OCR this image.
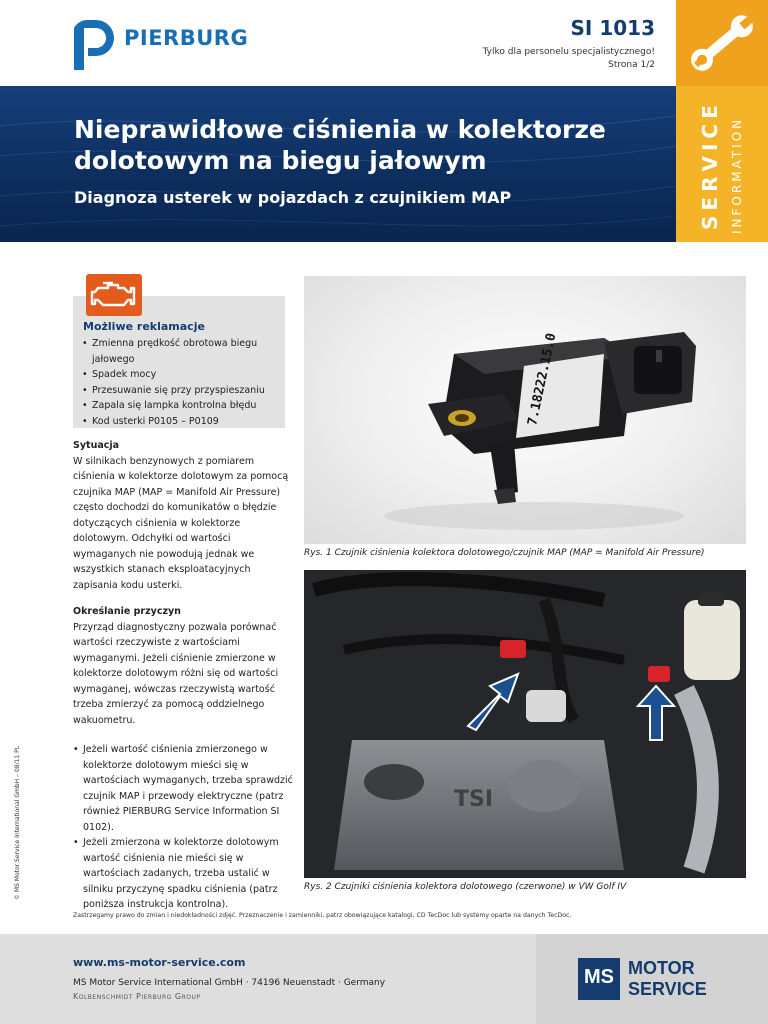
PIERBURG	SI 1013
Tylko dla personelu specjalistycznego!
Strona 1/2
Nieprawidłowe ciśnienia w kolektorze dolotowym na biegu jałowym
Diagnoza usterek w pojazdach z czujnikiem MAP	SERVICE INFORMATION
Możliwe reklamacje
• Zmienna prędkość obrotowa biegu jałowego
• Spadek mocy
• Przesuwanie się przy przyspieszaniu
• Zapala się lampka kontrolna błędu
• Kod usterki P0105 – P0109
Sytuacja
W silnikach benzynowych z pomiarem ciśnienia w kolektorze dolotowym za pomocą czujnika MAP (MAP = Manifold Air Pressure) często dochodzi do komunikatów o błędzie dotyczących ciśnienia w kolektorze dolotowym. Odchyłki od wartości wymaganych nie powodują jednak we wszystkich stanach eksploatacyjnych zapisania kodu usterki.
Określanie przyczyn
Przyrząd diagnostyczny pozwala porównać wartości rzeczywiste z wartościami wymaganymi. Jeżeli ciśnienie zmierzone w kolektorze dolotowym różni się od wartości wymaganej, wówczas rzeczywistą wartość trzeba zmierzyć za pomocą oddzielnego wakuometru.
• Jeżeli wartość ciśnienia zmierzonego w kolektorze dolotowym mieści się w wartościach wymaganych, trzeba sprawdzić czujnik MAP i przewody elektryczne (patrz również PIERBURG Service Information SI 0102).
• Jeżeli zmierzona w kolektorze dolotowym wartość ciśnienia nie mieści się w wartościach zadanych, trzeba ustalić w silniku przyczynę spadku ciśnienia (patrz poniższa instrukcja kontrolna).
7.18222.15.0
Rys. 1 Czujnik ciśnienia kolektora dolotowego/czujnik MAP (MAP = Manifold Air Pressure)
TSI
Rys. 2 Czujniki ciśnienia kolektora dolotowego (czerwone) w VW Golf IV
© MS Motor Service International GmbH – 08/11 PL
Zastrzegamy prawo do zmian i niedokładności zdjęć. Przeznaczenie i zamienniki, patrz obowiązujące katalogi, CD TecDoc lub systemy oparte na danych TecDoc.
www.ms-motor-service.com
MS Motor Service International GmbH · 74196 Neuenstadt · Germany
Kolbenschmidt Pierburg Group
MS MOTOR
SERVICE
